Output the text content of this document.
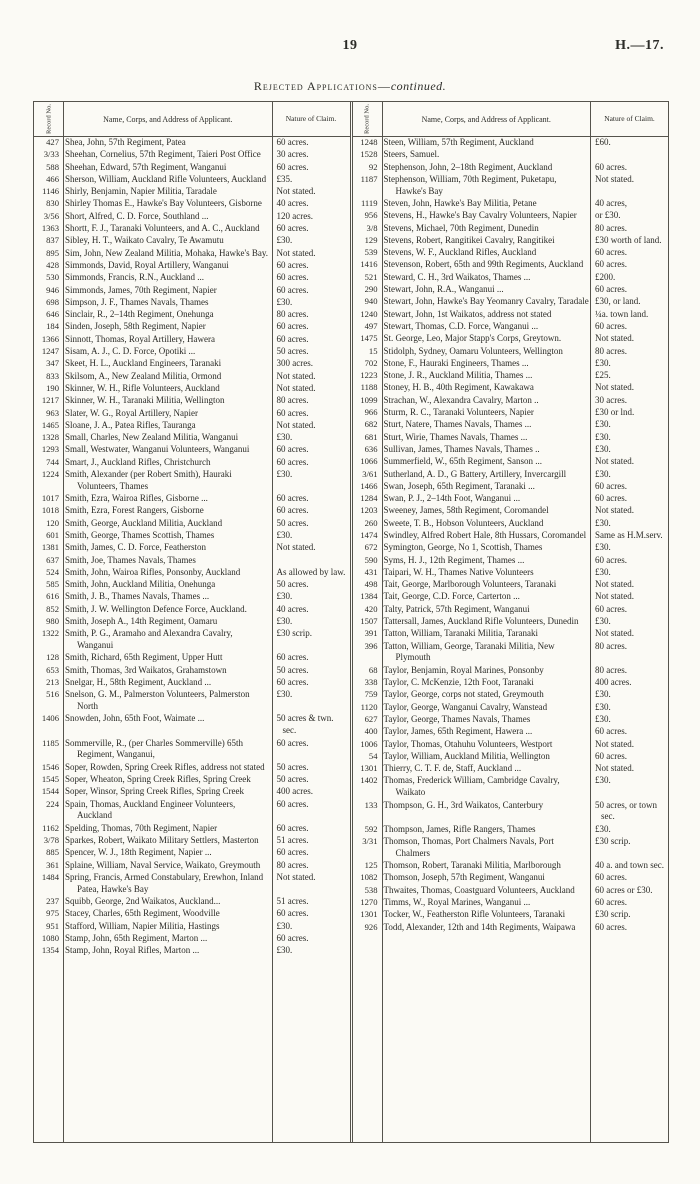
19	H.—17.
Rejected Applications—continued.
Record No.	Name, Corps, and Address of Applicant.	Nature of Claim.
427	Shea, John, 57th Regiment, Patea	60 acres.

3/33	Sheehan, Cornelius, 57th Regiment, Taieri Post Office	30 acres.

588	Sheehan, Edward, 57th Regiment, Wanganui	60 acres.

466	Sherson, William, Auckland Rifle Volunteers, Auckland	£35.

1146	Shirly, Benjamin, Napier Militia, Taradale	Not stated.

830	Shirley Thomas E., Hawke's Bay Volunteers, Gisborne	40 acres.

3/56	Short, Alfred, C. D. Force, Southland ...	120 acres.

1363	Shortt, F. J., Taranaki Volunteers, and A. C., Auckland	60 acres.

837	Sibley, H. T., Waikato Cavalry, Te Awamutu	£30.

895	Sim, John, New Zealand Militia, Mohaka, Hawke's Bay.	Not stated.

428	Simmonds, David, Royal Artillery, Wanganui	60 acres.

530	Simmonds, Francis, R.N., Auckland ...	60 acres.

946	Simmonds, James, 70th Regiment, Napier	60 acres.

698	Simpson, J. F., Thames Navals, Thames	£30.

646	Sinclair, R., 2–14th Regiment, Onehunga	80 acres.

184	Sinden, Joseph, 58th Regiment, Napier	60 acres.

1366	Sinnott, Thomas, Royal Artillery, Hawera	60 acres.

1247	Sisam, A. J., C. D. Force, Opotiki ...	50 acres.

347	Skeet, H. L., Auckland Engineers, Taranaki	300 acres.

833	Skilsom, A., New Zealand Militia, Ormond	Not stated.

190	Skinner, W. H., Rifle Volunteers, Auckland	Not stated.

1217	Skinner, W. H., Taranaki Militia, Wellington	80 acres.

963	Slater, W. G., Royal Artillery, Napier	60 acres.

1465	Sloane, J. A., Patea Rifles, Tauranga	Not stated.

1328	Small, Charles, New Zealand Militia, Wanganui	£30.

1293	Small, Westwater, Wanganui Volunteers, Wanganui	60 acres.

744	Smart, J., Auckland Rifles, Christchurch	60 acres.

1224	Smith, Alexander (per Robert Smith), Hauraki Volunteers, Thames	£30.

1017	Smith, Ezra, Wairoa Rifles, Gisborne ...	60 acres.

1018	Smith, Ezra, Forest Rangers, Gisborne	60 acres.

120	Smith, George, Auckland Militia, Auckland	50 acres.

601	Smith, George, Thames Scottish, Thames	£30.

1381	Smith, James, C. D. Force, Featherston	Not stated.

637	Smith, Joe, Thames Navals, Thames	

524	Smith, John, Wairoa Rifles, Ponsonby, Auckland	As allowed by law.

585	Smith, John, Auckland Militia, Onehunga	50 acres.

616	Smith, J. B., Thames Navals, Thames ...	£30.

852	Smith, J. W. Wellington Defence Force, Auckland.	40 acres.

980	Smith, Joseph A., 14th Regiment, Oamaru	£30.

1322	Smith, P. G., Aramaho and Alexandra Cavalry, Wanganui	£30 scrip.

128	Smith, Richard, 65th Regiment, Upper Hutt	60 acres.

653	Smith, Thomas, 3rd Waikatos, Grahamstown	50 acres.

213	Snelgar, H., 58th Regiment, Auckland ...	60 acres.

516	Snelson, G. M., Palmerston Volunteers, Palmerston North	£30.

1406	Snowden, John, 65th Foot, Waimate ...	50 acres & twn. sec.

1185	Sommerville, R., (per Charles Sommerville) 65th Regiment, Wanganui,	60 acres.

1546	Soper, Rowden, Spring Creek Rifles, address not stated	50 acres.

1545	Soper, Wheaton, Spring Creek Rifles, Spring Creek	50 acres.

1544	Soper, Winsor, Spring Creek Rifles, Spring Creek	400 acres.

224	Spain, Thomas, Auckland Engineer Volunteers, Auckland	60 acres.

1162	Spelding, Thomas, 70th Regiment, Napier	60 acres.

3/78	Sparkes, Robert, Waikato Military Settlers, Masterton	51 acres.

885	Spencer, W. J., 18th Regiment, Napier ...	60 acres.

361	Splaine, William, Naval Service, Waikato, Greymouth	80 acres.

1484	Spring, Francis, Armed Constabulary, Erewhon, Inland Patea, Hawke's Bay	Not stated.

237	Squibb, George, 2nd Waikatos, Auckland...	51 acres.

975	Stacey, Charles, 65th Regiment, Woodville	60 acres.

951	Stafford, William, Napier Militia, Hastings	£30.

1080	Stamp, John, 65th Regiment, Marton ...	60 acres.

1354	Stamp, John, Royal Rifles, Marton ...	£30.
Record No.	Name, Corps, and Address of Applicant.	Nature of Claim.
1248	Steen, William, 57th Regiment, Auckland	£60.

1528	Steers, Samuel.	

92	Stephenson, John, 2–18th Regiment, Auckland	60 acres.

1187	Stephenson, William, 70th Regiment, Puketapu, Hawke's Bay	Not stated.

1119	Steven, John, Hawke's Bay Militia, Petane	40 acres,

956	Stevens, H., Hawke's Bay Cavalry Volunteers, Napier	or £30.

3/8	Stevens, Michael, 70th Regiment, Dunedin	80 acres.

129	Stevens, Robert, Rangitikei Cavalry, Rangitikei	£30 worth of land.

539	Stevens, W. F., Auckland Rifles, Auckland	60 acres.

1416	Stevenson, Robert, 65th and 99th Regiments, Auckland	60 acres.

521	Steward, C. H., 3rd Waikatos, Thames ...	£200.

290	Stewart, John, R.A., Wanganui ...	60 acres.

940	Stewart, John, Hawke's Bay Yeomanry Cavalry, Taradale	£30, or land.

1240	Stewart, John, 1st Waikatos, address not stated	¼a. town land.

497	Stewart, Thomas, C.D. Force, Wanganui ...	60 acres.

1475	St. George, Leo, Major Stapp's Corps, Greytown.	Not stated.

15	Stidolph, Sydney, Oamaru Volunteers, Wellington	80 acres.

702	Stone, F., Hauraki Engineers, Thames ...	£30.

1223	Stone, J. R., Auckland Militia, Thames ...	£25.

1188	Stoney, H. B., 40th Regiment, Kawakawa	Not stated.

1099	Strachan, W., Alexandra Cavalry, Marton ..	30 acres.

966	Sturm, R. C., Taranaki Volunteers, Napier	£30 or lnd.

682	Sturt, Natere, Thames Navals, Thames ...	£30.

681	Sturt, Wirie, Thames Navals, Thames ...	£30.

636	Sullivan, James, Thames Navals, Thames ..	£30.

1066	Summerfield, W., 65th Regiment, Sanson ...	Not stated.

3/61	Sutherland, A. D., G Battery, Artillery, Invercargill	£30.

1466	Swan, Joseph, 65th Regiment, Taranaki ...	60 acres.

1284	Swan, P. J., 2–14th Foot, Wanganui ...	60 acres.

1203	Sweeney, James, 58th Regiment, Coromandel	Not stated.

260	Sweete, T. B., Hobson Volunteers, Auckland	£30.

1474	Swindley, Alfred Robert Hale, 8th Hussars, Coromandel	Same as H.M.serv.

672	Symington, George, No 1, Scottish, Thames	£30.

590	Syms, H. J., 12th Regiment, Thames ...	60 acres.

431	Taipari, W. H., Thames Native Volunteers	£30.

498	Tait, George, Marlborough Volunteers, Taranaki	Not stated.

1384	Tait, George, C.D. Force, Carterton ...	Not stated.

420	Talty, Patrick, 57th Regiment, Wanganui	60 acres.

1507	Tattersall, James, Auckland Rifle Volunteers, Dunedin	£30.

391	Tatton, William, Taranaki Militia, Taranaki	Not stated.

396	Tatton, William, George, Taranaki Militia, New Plymouth	80 acres.

68	Taylor, Benjamin, Royal Marines, Ponsonby	80 acres.

338	Taylor, C. McKenzie, 12th Foot, Taranaki	400 acres.

759	Taylor, George, corps not stated, Greymouth	£30.

1120	Taylor, George, Wanganui Cavalry, Wanstead	£30.

627	Taylor, George, Thames Navals, Thames	£30.

400	Taylor, James, 65th Regiment, Hawera ...	60 acres.

1006	Taylor, Thomas, Otahuhu Volunteers, Westport	Not stated.

54	Taylor, William, Auckland Militia, Wellington	60 acres.

1301	Thierry, C. T. F. de, Staff, Auckland ...	Not stated.

1402	Thomas, Frederick William, Cambridge Cavalry, Waikato	£30.

133	Thompson, G. H., 3rd Waikatos, Canterbury	50 acres, or town sec.

592	Thompson, James, Rifle Rangers, Thames	£30.

3/31	Thomson, Thomas, Port Chalmers Navals, Port Chalmers	£30 scrip.

125	Thomson, Robert, Taranaki Militia, Marlborough	40 a. and town sec.

1082	Thomson, Joseph, 57th Regiment, Wanganui	60 acres.

538	Thwaites, Thomas, Coastguard Volunteers, Auckland	60 acres or £30.

1270	Timms, W., Royal Marines, Wanganui ...	60 acres.

1301	Tocker, W., Featherston Rifle Volunteers, Taranaki	£30 scrip.

926	Todd, Alexander, 12th and 14th Regiments, Waipawa	60 acres.
